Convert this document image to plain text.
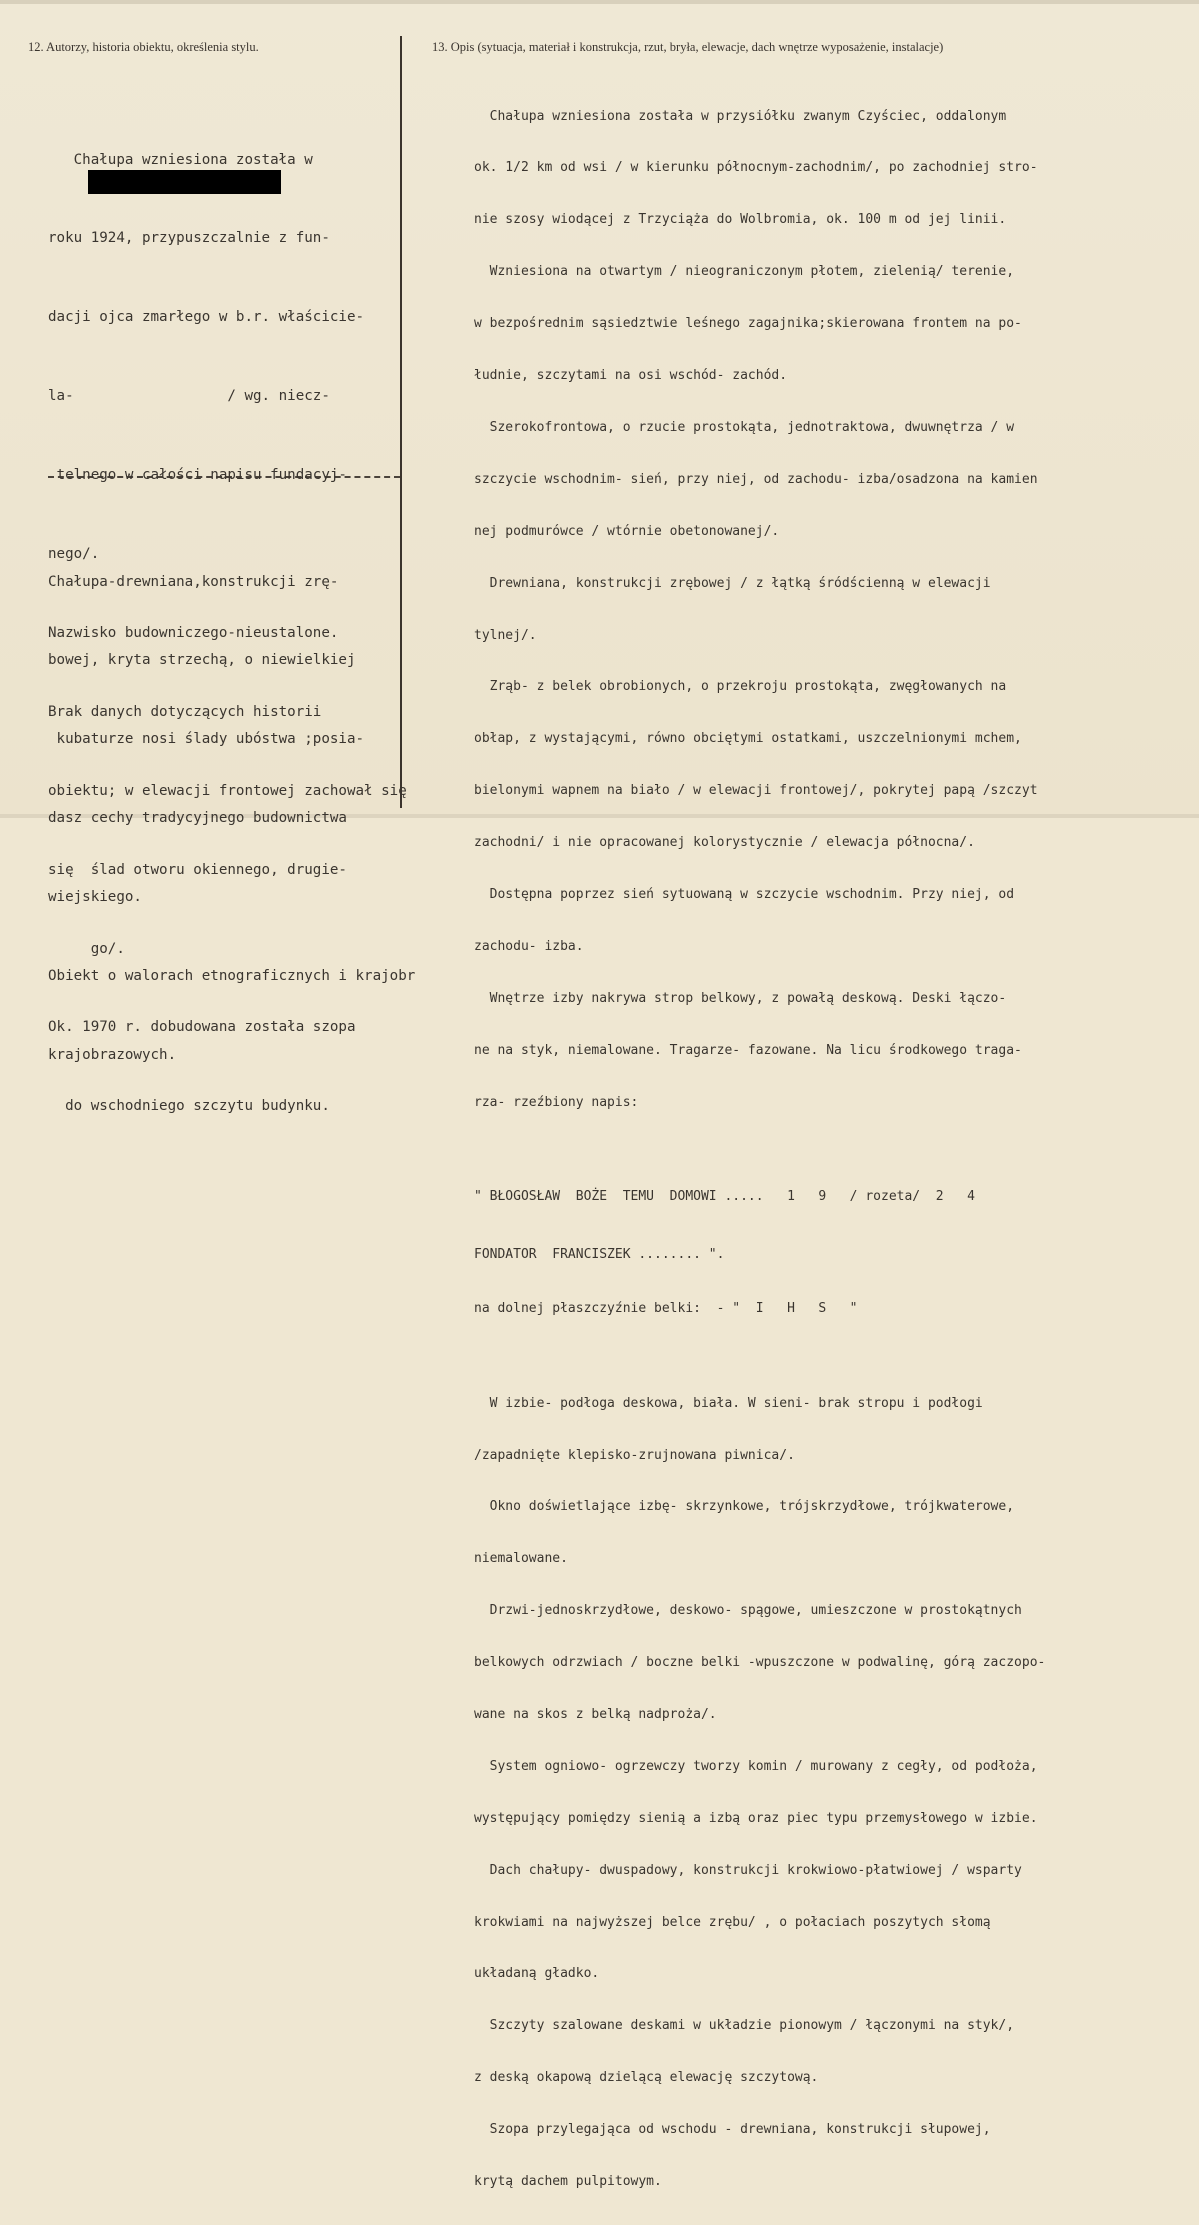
12. Autorzy, historia obiektu, określenia stylu.	13. Opis (sytuacja, materiał i konstrukcja, rzut, bryła, elewacje, dach wnętrze wyposażenie, instalacje)

Chałupa wzniesiona została w

roku 1924, przypuszczalnie z fun-

dacji ojca zmarłego w b.r. właścicie-

la-                  / wg. niecz-

telnego w całości napisu fundacyj-

nego/.

Nazwisko budowniczego-nieustalone.

Brak danych dotyczących historii

obiektu; w elewacji frontowej zachował się

się  ślad otworu okiennego, drugie-

go/.

Ok. 1970 r. dobudowana została szopa

do wschodniego szczytu budynku.

Chałupa-drewniana,konstrukcji zrę-

bowej, kryta strzechą, o niewielkiej

kubaturze nosi ślady ubóstwa ;posia-

dasz cechy tradycyjnego budownictwa

wiejskiego.

Obiekt o walorach etnograficznych i krajobr

krajobrazowych.

Chałupa wzniesiona została w przysiółku zwanym Czyściec, oddalonym

ok. 1/2 km od wsi / w kierunku północnym-zachodnim/, po zachodniej stro-

nie szosy wiodącej z Trzyciąża do Wolbromia, ok. 100 m od jej linii.

Wzniesiona na otwartym / nieograniczonym płotem, zielenią/ terenie,

w bezpośrednim sąsiedztwie leśnego zagajnika;skierowana frontem na po-

łudnie, szczytami na osi wschód- zachód.

Szerokofrontowa, o rzucie prostokąta, jednotraktowa, dwuwnętrza / w

szczycie wschodnim- sień, przy niej, od zachodu- izba/osadzona na kamien

nej podmurówce / wtórnie obetonowanej/.

Drewniana, konstrukcji zrębowej / z łątką śródścienną w elewacji

tylnej/.

Zrąb- z belek obrobionych, o przekroju prostokąta, zwęgłowanych na

obłap, z wystającymi, równo obciętymi ostatkami, uszczelnionymi mchem,

bielonymi wapnem na biało / w elewacji frontowej/, pokrytej papą /szczyt

zachodni/ i nie opracowanej kolorystycznie / elewacja północna/.

Dostępna poprzez sień sytuowaną w szczycie wschodnim. Przy niej, od

zachodu- izba.

Wnętrze izby nakrywa strop belkowy, z powałą deskową. Deski łączo-

ne na styk, niemalowane. Tragarze- fazowane. Na licu środkowego traga-

rza- rzeźbiony napis:

" BŁOGOSŁAW  BOŻE  TEMU  DOMOWI .....   1   9   / rozeta/  2   4

FONDATOR  FRANCISZEK ........ ".

na dolnej płaszczyźnie belki:  - "  I   H   S   "

W izbie- podłoga deskowa, biała. W sieni- brak stropu i podłogi

/zapadnięte klepisko-zrujnowana piwnica/.

Okno doświetlające izbę- skrzynkowe, trójskrzydłowe, trójkwaterowe,

niemalowane.

Drzwi-jednoskrzydłowe, deskowo- spągowe, umieszczone w prostokątnych

belkowych odrzwiach / boczne belki -wpuszczone w podwalinę, górą zaczopo-

wane na skos z belką nadproża/.

System ogniowo- ogrzewczy tworzy komin / murowany z cegły, od podłoża,

występujący pomiędzy sienią a izbą oraz piec typu przemysłowego w izbie.

Dach chałupy- dwuspadowy, konstrukcji krokwiowo-płatwiowej / wsparty

krokwiami na najwyższej belce zrębu/ , o połaciach poszytych słomą

układaną gładko.

Szczyty szalowane deskami w układzie pionowym / łączonymi na styk/,

z deską okapową dzielącą elewację szczytową.

Szopa przylegająca od wschodu - drewniana, konstrukcji słupowej,

krytą dachem pulpitowym.
